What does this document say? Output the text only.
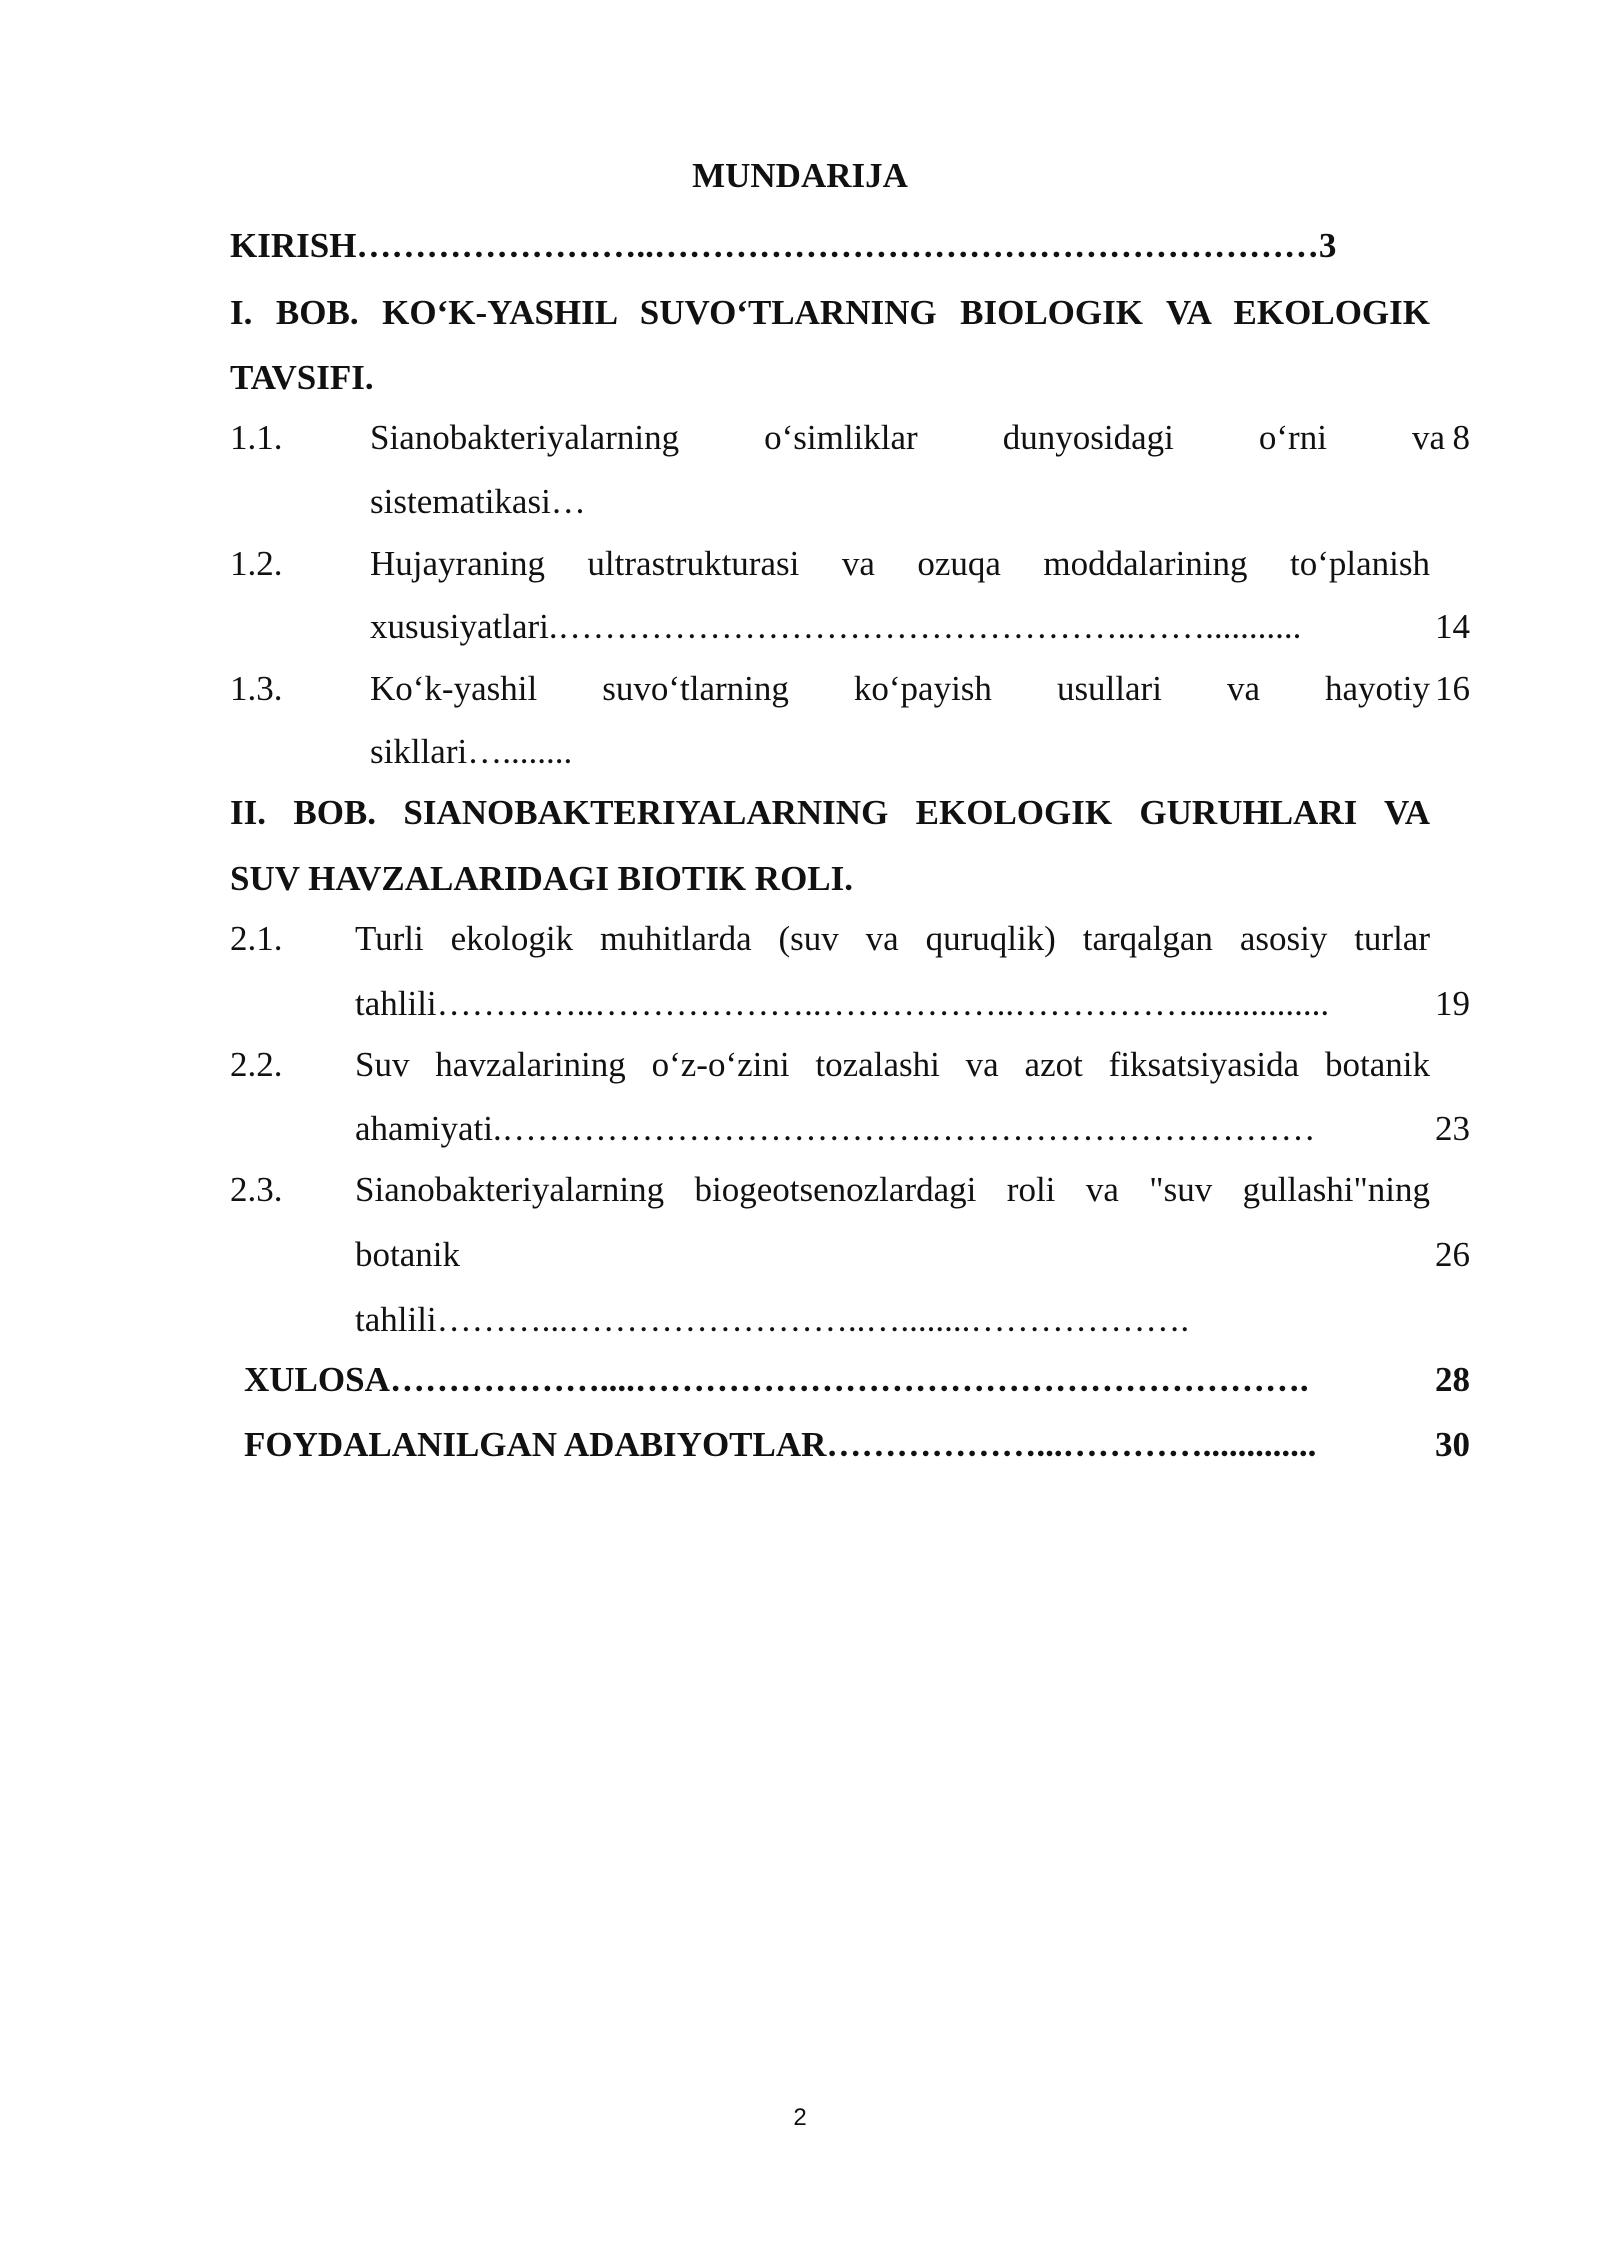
MUNDARIJA
KIRISH……………………..…………………………………………………3
I. BOB. KO‘K-YASHIL SUVO‘TLARNING BIOLOGIK VA EKOLOGIK
TAVSIFI.
1.1.	Sianobakteriyalarning o‘simliklar dunyosidagi o‘rni va 8
sistematikasi…
1.2.	Hujayraning ultrastrukturasi va ozuqa moddalarining to‘planish
xususiyatlari.…………………………………………..……...........	14
1.3.	Ko‘k-yashil suvo‘tlarning ko‘payish usullari va hayotiy 16
sikllari…........
II. BOB. SIANOBAKTERIYALARNING EKOLOGIK GURUHLARI VA
SUV HAVZALARIDAGI BIOTIK ROLI.
2.1. Turli ekologik muhitlarda (suv va quruqlik) tarqalgan asosiy turlar
tahlili…………..………………..……………..……………................	19
2.2. Suv havzalarining o‘z-o‘zini tozalashi va azot fiksatsiyasida botanik
ahamiyati.……………………………….……………………………	23
2.3. Sianobakteriyalarning biogeotsenozlardagi roli va "suv gullashi"ning
botanik	26
tahlili………...……………………..…........……………….
XULOSA………………....………………………………………………….	28
FOYDALANILGAN ADABIYOTLAR………………...………….............	30
2
